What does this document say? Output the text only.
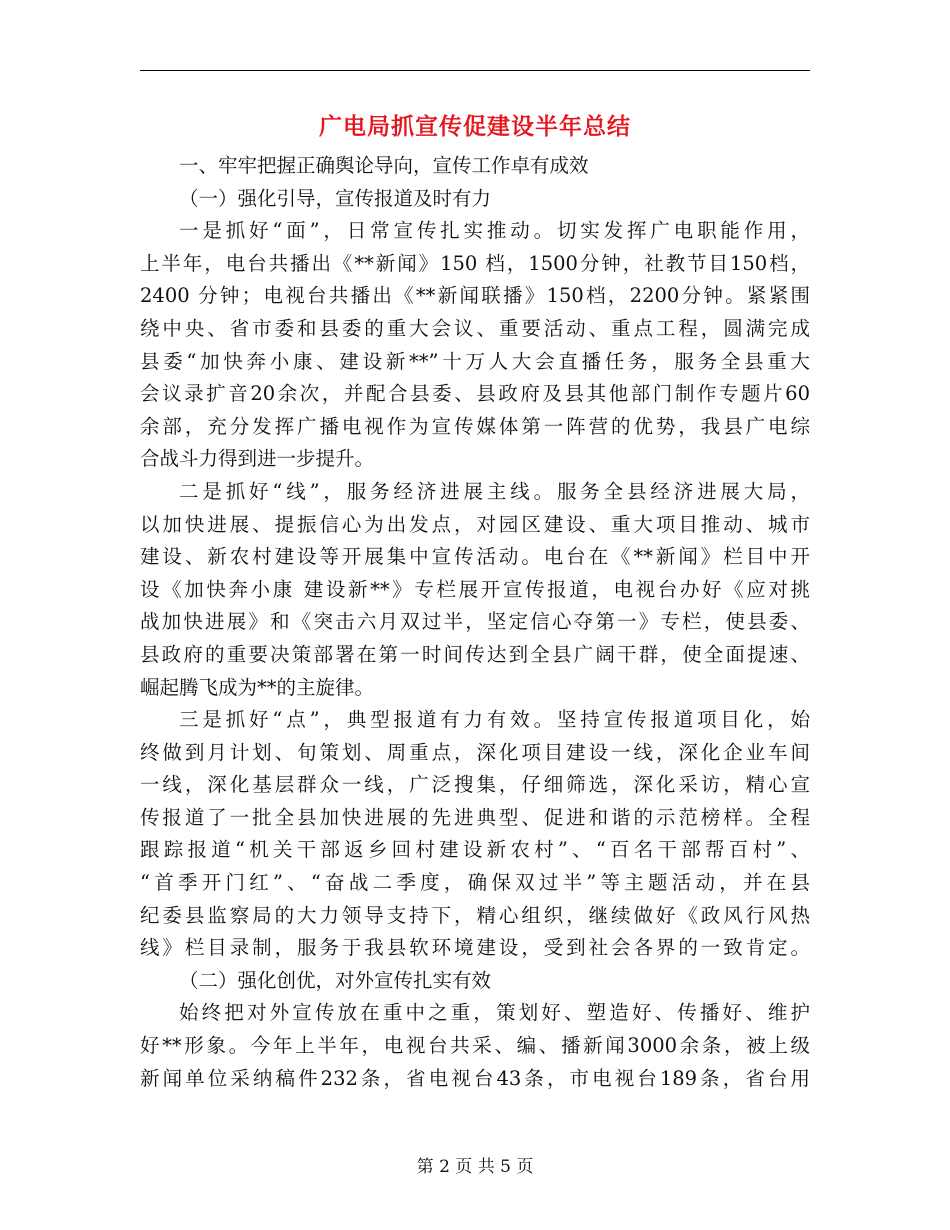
广电局抓宣传促建设半年总结
一、牢牢把握正确舆论导向，宣传工作卓有成效
（一）强化引导，宣传报道及时有力
一是抓好“面”，日常宣传扎实推动。切实发挥广电职能作用，
上半年，电台共播出《**新闻》150 档，1500分钟，社教节目150档，
2400 分钟；电视台共播出《**新闻联播》150档，2200分钟。紧紧围
绕中央、省市委和县委的重大会议、重要活动、重点工程，圆满完成
县委“加快奔小康、建设新**”十万人大会直播任务，服务全县重大
会议录扩音20余次，并配合县委、县政府及县其他部门制作专题片60
余部，充分发挥广播电视作为宣传媒体第一阵营的优势，我县广电综
合战斗力得到进一步提升。
二是抓好“线”，服务经济进展主线。服务全县经济进展大局，
以加快进展、提振信心为出发点，对园区建设、重大项目推动、城市
建设、新农村建设等开展集中宣传活动。电台在《**新闻》栏目中开
设《加快奔小康 建设新**》专栏展开宣传报道，电视台办好《应对挑
战加快进展》和《突击六月双过半，坚定信心夺第一》专栏，使县委、
县政府的重要决策部署在第一时间传达到全县广阔干群，使全面提速、
崛起腾飞成为**的主旋律。
三是抓好“点”，典型报道有力有效。坚持宣传报道项目化，始
终做到月计划、旬策划、周重点，深化项目建设一线，深化企业车间
一线，深化基层群众一线，广泛搜集，仔细筛选，深化采访，精心宣
传报道了一批全县加快进展的先进典型、促进和谐的示范榜样。全程
跟踪报道“机关干部返乡回村建设新农村”、“百名干部帮百村”、
“首季开门红”、“奋战二季度，确保双过半”等主题活动，并在县
纪委县监察局的大力领导支持下，精心组织，继续做好《政风行风热
线》栏目录制，服务于我县软环境建设，受到社会各界的一致肯定。
（二）强化创优，对外宣传扎实有效
始终把对外宣传放在重中之重，策划好、塑造好、传播好、维护
好**形象。今年上半年，电视台共采、编、播新闻3000余条，被上级
新闻单位采纳稿件232条，省电视台43条，市电视台189条，省台用
第 2 页 共 5 页
